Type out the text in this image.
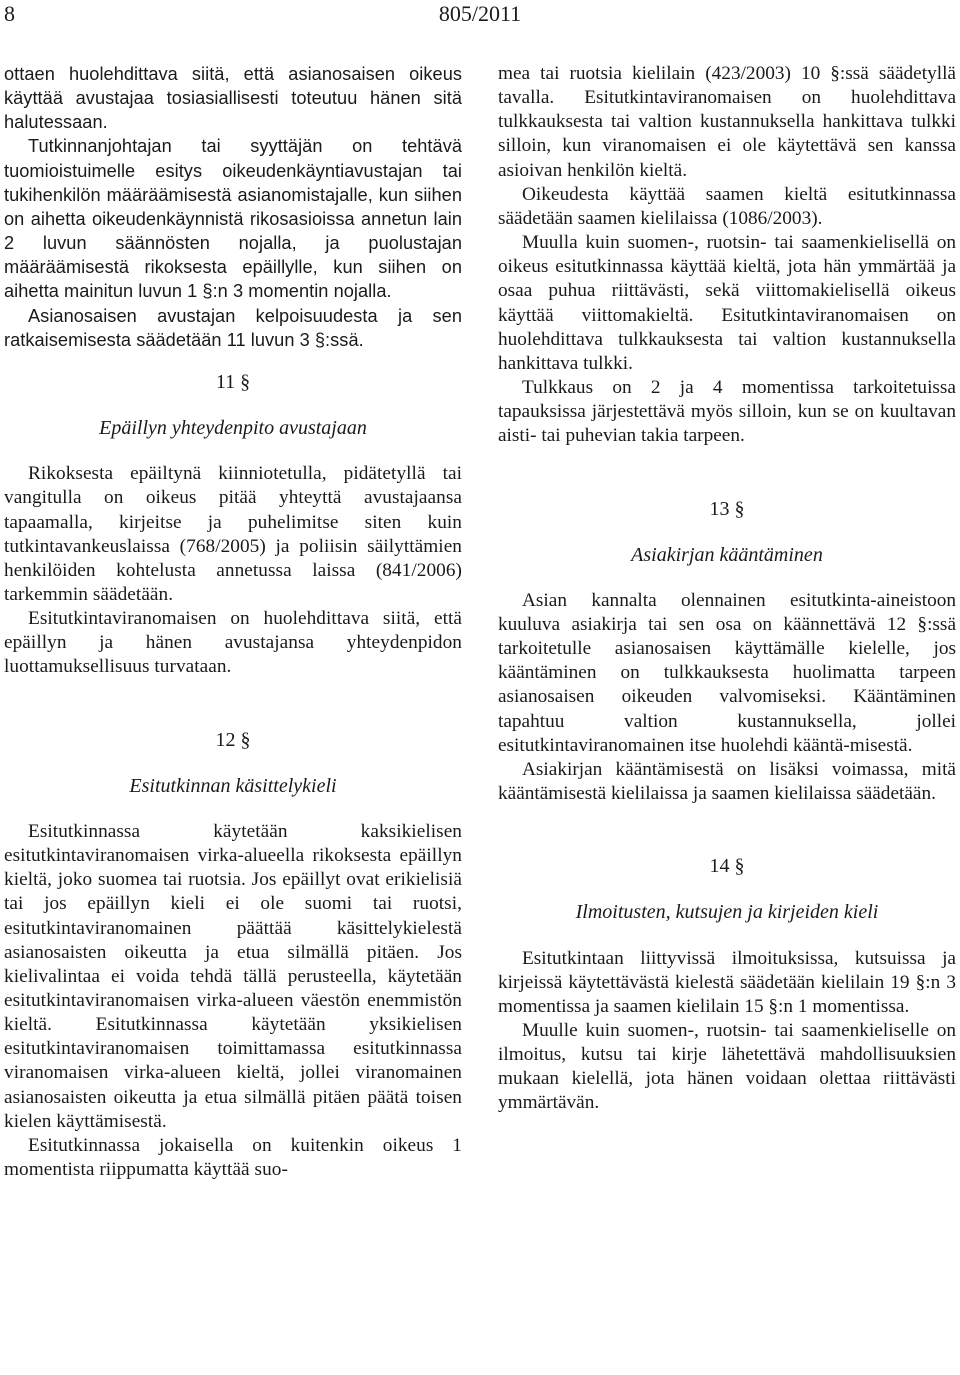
8	805/2011

ottaen huolehdittava siitä, että asianosaisen oikeus käyttää avustajaa tosiasiallisesti toteutuu hänen sitä halutessaan.

Tutkinnanjohtajan tai syyttäjän on tehtävä tuomioistuimelle esitys oikeudenkäyntiavustajan tai tukihenkilön määräämisestä asianomistajalle, kun siihen on aihetta oikeudenkäynnistä rikosasioissa annetun lain 2 luvun säännösten nojalla, ja puolustajan määräämisestä rikoksesta epäillylle, kun siihen on aihetta mainitun luvun 1 §:n 3 momentin nojalla.

Asianosaisen avustajan kelpoisuudesta ja sen ratkaisemisesta säädetään 11 luvun 3 §:ssä.

11 §

Epäillyn yhteydenpito avustajaan

Rikoksesta epäiltynä kiinniotetulla, pidätetyllä tai vangitulla on oikeus pitää yhteyttä avustajaansa tapaamalla, kirjeitse ja puhelimitse siten kuin tutkintavankeuslaissa (768/2005) ja poliisin säilyttämien henkilöiden kohtelusta annetussa laissa (841/2006) tarkemmin säädetään.

Esitutkintaviranomaisen on huolehdittava siitä, että epäillyn ja hänen avustajansa yhteydenpidon luottamuksellisuus turvataan.

12 §

Esitutkinnan käsittelykieli

Esitutkinnassa käytetään kaksikielisen esitutkintaviranomaisen virka-alueella rikoksesta epäillyn kieltä, joko suomea tai ruotsia. Jos epäillyt ovat erikielisiä tai jos epäillyn kieli ei ole suomi tai ruotsi, esitutkintaviranomainen päättää käsittelykielestä asianosaisten oikeutta ja etua silmällä pitäen. Jos kielivalintaa ei voida tehdä tällä perusteella, käytetään esitutkintaviranomaisen virka-alueen väestön enemmistön kieltä. Esitutkinnassa käytetään yksikielisen esitutkintaviranomaisen toimittamassa esitutkinnassa viranomaisen virka-alueen kieltä, jollei viranomainen asianosaisten oikeutta ja etua silmällä pitäen päätä toisen kielen käyttämisestä.

Esitutkinnassa jokaisella on kuitenkin oikeus 1 momentista riippumatta käyttää suo-

mea tai ruotsia kielilain (423/2003) 10 §:ssä säädetyllä tavalla. Esitutkintaviranomaisen on huolehdittava tulkkauksesta tai valtion kustannuksella hankittava tulkki silloin, kun viranomaisen ei ole käytettävä sen kanssa asioivan henkilön kieltä.

Oikeudesta käyttää saamen kieltä esitutkinnassa säädetään saamen kielilaissa (1086/2003).

Muulla kuin suomen-, ruotsin- tai saamenkielisellä on oikeus esitutkinnassa käyttää kieltä, jota hän ymmärtää ja osaa puhua riittävästi, sekä viittomakielisellä oikeus käyttää viittomakieltä. Esitutkintaviranomaisen on huolehdittava tulkkauksesta tai valtion kustannuksella hankittava tulkki.

Tulkkaus on 2 ja 4 momentissa tarkoitetuissa tapauksissa järjestettävä myös silloin, kun se on kuultavan aisti- tai puhevian takia tarpeen.

13 §

Asiakirjan kääntäminen

Asian kannalta olennainen esitutkinta-aineistoon kuuluva asiakirja tai sen osa on käännettävä 12 §:ssä tarkoitetulle asianosaisen käyttämälle kielelle, jos kääntäminen on tulkkauksesta huolimatta tarpeen asianosaisen oikeuden valvomiseksi. Kääntäminen tapahtuu valtion kustannuksella, jollei esitutkintaviranomainen itse huolehdi kääntä-misestä.

Asiakirjan kääntämisestä on lisäksi voimassa, mitä kääntämisestä kielilaissa ja saamen kielilaissa säädetään.

14 §

Ilmoitusten, kutsujen ja kirjeiden kieli

Esitutkintaan liittyvissä ilmoituksissa, kutsuissa ja kirjeissä käytettävästä kielestä säädetään kielilain 19 §:n 3 momentissa ja saamen kielilain 15 §:n 1 momentissa.

Muulle kuin suomen-, ruotsin- tai saamenkieliselle on ilmoitus, kutsu tai kirje lähetettävä mahdollisuuksien mukaan kielellä, jota hänen voidaan olettaa riittävästi ymmärtävän.
